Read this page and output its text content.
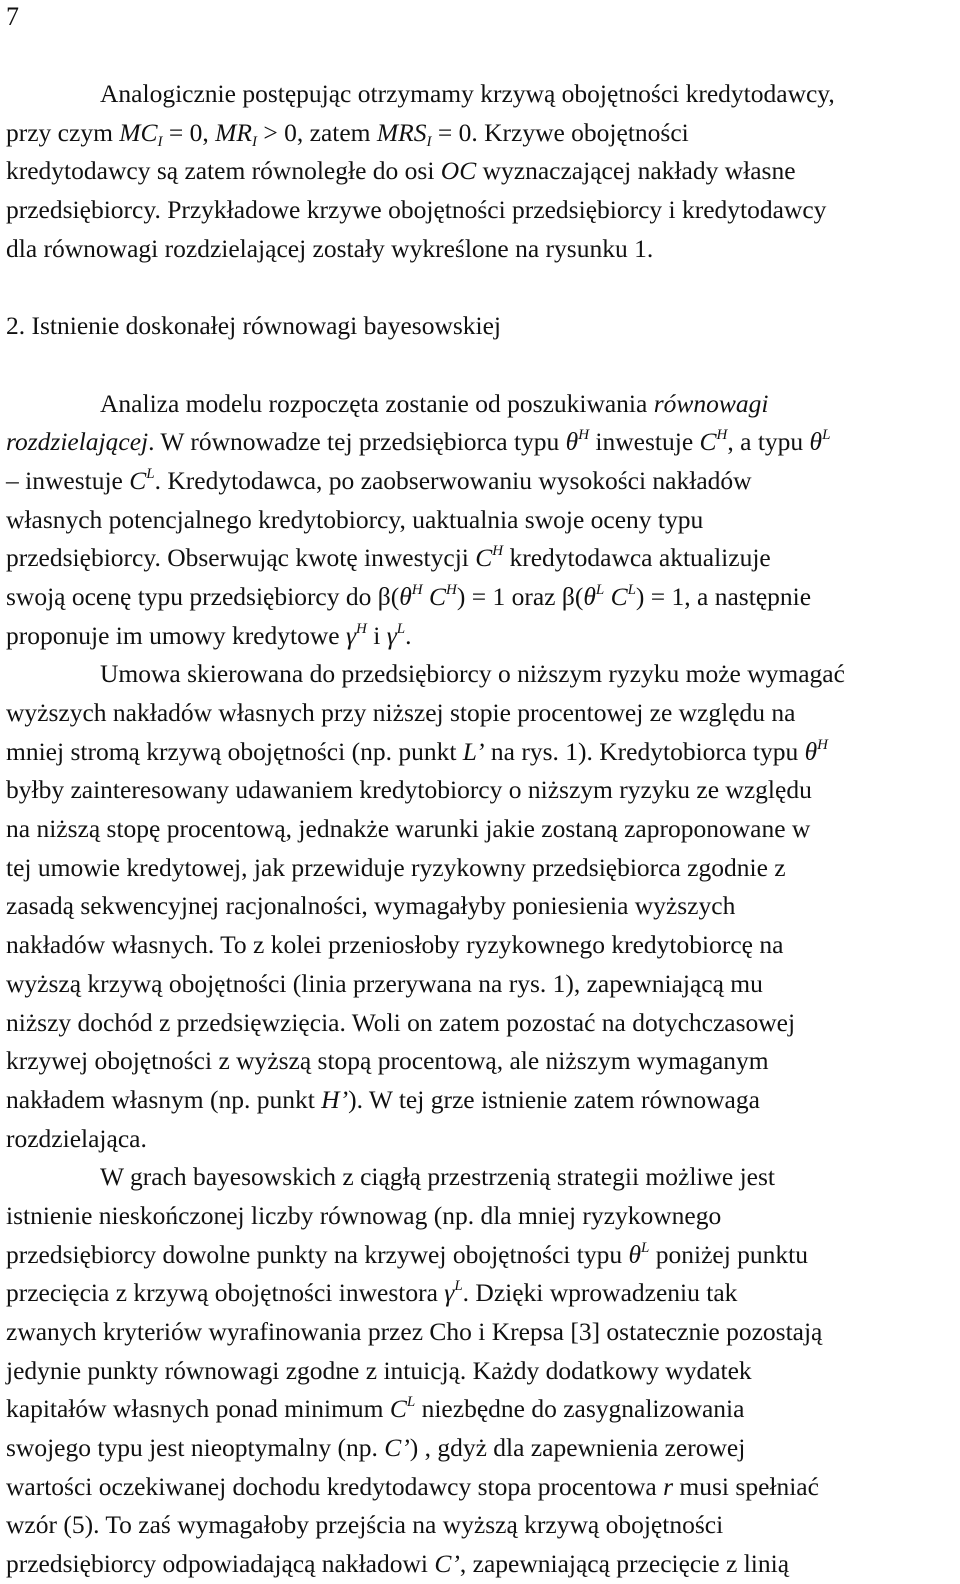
7
Analogicznie postępując otrzymamy krzywą obojętności kredytodawcy,
przy czym $MC_I = 0$, $MR_I > 0$, zatem $MRS_I = 0$. Krzywe obojętności
kredytodawcy są zatem równoległe do osi OC wyznaczającej nakłady własne
przedsiębiorcy. Przykładowe krzywe obojętności przedsiębiorcy i kredytodawcy
dla równowagi rozdzielającej zostały wykreślone na rysunku 1.
2. Istnienie doskonałej równowagi bayesowskiej
Analiza modelu rozpoczęta zostanie od poszukiwania równowagi
rozdzielającej. W równowadze tej przedsiębiorca typu $\theta^H$ inwestuje $C^H$, a typu $\theta^L$
– inwestuje $C^L$. Kredytodawca, po zaobserwowaniu wysokości nakładów
własnych potencjalnego kredytobiorcy, uaktualnia swoje oceny typu
przedsiębiorcy. Obserwując kwotę inwestycji $C^H$ kredytodawca aktualizuje
swoją ocenę typu przedsiębiorcy do $\beta(\theta^H$ $C^H) = 1$ oraz $\beta(\theta^L$ $C^L) = 1$, a następnie
proponuje im umowy kredytowe $\gamma^H$ i $\gamma^L$.
Umowa skierowana do przedsiębiorcy o niższym ryzyku może wymagać
wyższych nakładów własnych przy niższej stopie procentowej ze względu na
mniej stromą krzywą obojętności (np. punkt L’ na rys. 1). Kredytobiorca typu $\theta^H$
byłby zainteresowany udawaniem kredytobiorcy o niższym ryzyku ze względu
na niższą stopę procentową, jednakże warunki jakie zostaną zaproponowane w
tej umowie kredytowej, jak przewiduje ryzykowny przedsiębiorca zgodnie z
zasadą sekwencyjnej racjonalności, wymagałyby poniesienia wyższych
nakładów własnych. To z kolei przeniosłoby ryzykownego kredytobiorcę na
wyższą krzywą obojętności (linia przerywana na rys. 1), zapewniającą mu
niższy dochód z przedsięwzięcia. Woli on zatem pozostać na dotychczasowej
krzywej obojętności z wyższą stopą procentową, ale niższym wymaganym
nakładem własnym (np. punkt H’). W tej grze istnienie zatem równowaga
rozdzielająca.
W grach bayesowskich z ciągłą przestrzenią strategii możliwe jest
istnienie nieskończonej liczby równowag (np. dla mniej ryzykownego
przedsiębiorcy dowolne punkty na krzywej obojętności typu $\theta^L$ poniżej punktu
przecięcia z krzywą obojętności inwestora $\gamma^L$. Dzięki wprowadzeniu tak
zwanych kryteriów wyrafinowania przez Cho i Krepsa [3] ostatecznie pozostają
jedynie punkty równowagi zgodne z intuicją. Każdy dodatkowy wydatek
kapitałów własnych ponad minimum $C^L$ niezbędne do zasygnalizowania
swojego typu jest nieoptymalny (np. C’) , gdyż dla zapewnienia zerowej
wartości oczekiwanej dochodu kredytodawcy stopa procentowa r musi spełniać
wzór (5). To zaś wymagałoby przejścia na wyższą krzywą obojętności
przedsiębiorcy odpowiadającą nakładowi C’, zapewniającą przecięcie z linią
